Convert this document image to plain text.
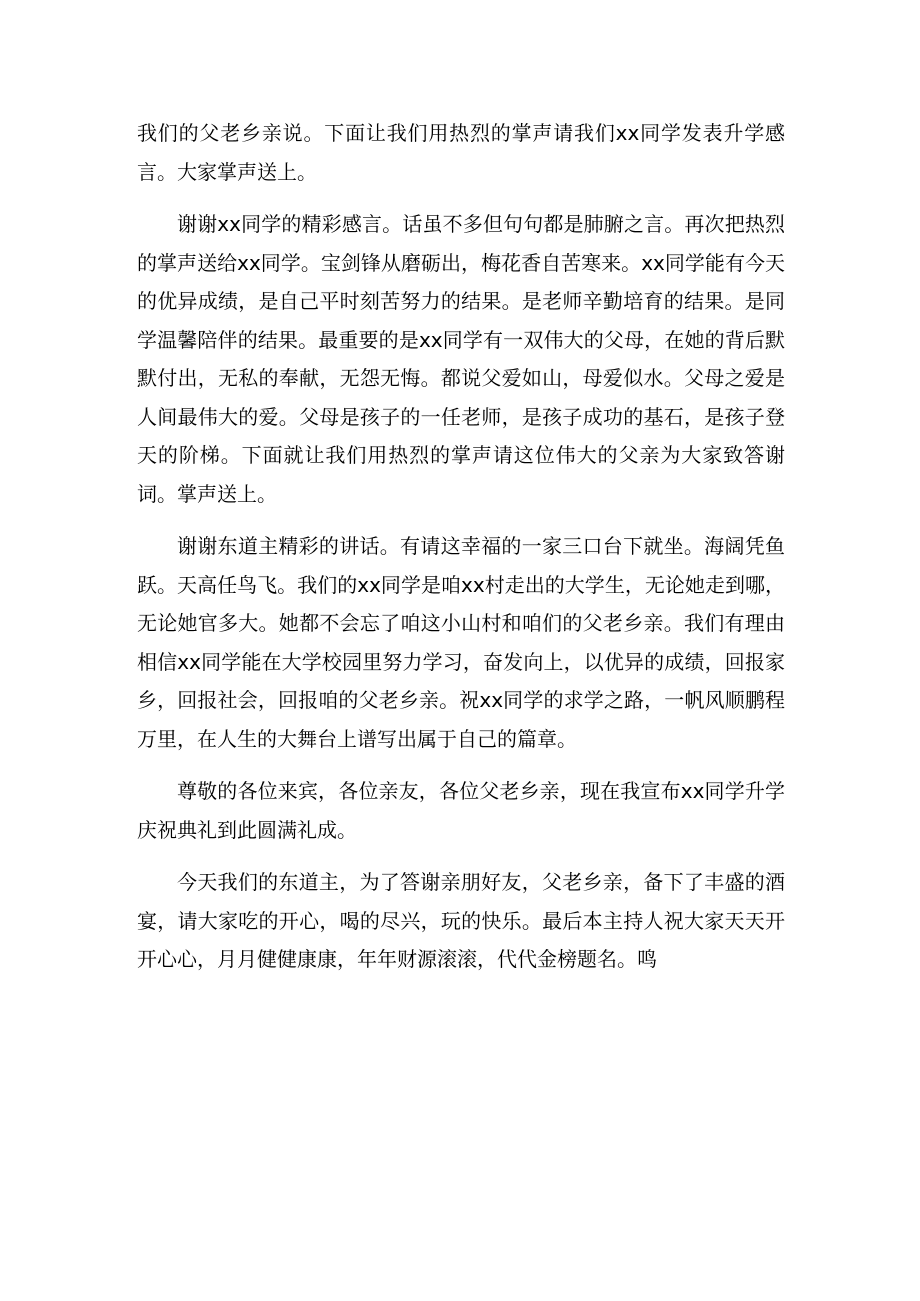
我们的父老乡亲说。下面让我们用热烈的掌声请我们xx同学发表升学感言。大家掌声送上。

谢谢xx同学的精彩感言。话虽不多但句句都是肺腑之言。再次把热烈的掌声送给xx同学。宝剑锋从磨砺出，梅花香自苦寒来。xx同学能有今天的优异成绩，是自己平时刻苦努力的结果。是老师辛勤培育的结果。是同学温馨陪伴的结果。最重要的是xx同学有一双伟大的父母，在她的背后默默付出，无私的奉献，无怨无悔。都说父爱如山，母爱似水。父母之爱是人间最伟大的爱。父母是孩子的一任老师，是孩子成功的基石，是孩子登天的阶梯。下面就让我们用热烈的掌声请这位伟大的父亲为大家致答谢词。掌声送上。

谢谢东道主精彩的讲话。有请这幸福的一家三口台下就坐。海阔凭鱼跃。天高任鸟飞。我们的xx同学是咱xx村走出的大学生，无论她走到哪，无论她官多大。她都不会忘了咱这小山村和咱们的父老乡亲。我们有理由相信xx同学能在大学校园里努力学习，奋发向上，以优异的成绩，回报家乡，回报社会，回报咱的父老乡亲。祝xx同学的求学之路，一帆风顺鹏程万里，在人生的大舞台上谱写出属于自己的篇章。

尊敬的各位来宾，各位亲友，各位父老乡亲，现在我宣布xx同学升学庆祝典礼到此圆满礼成。

今天我们的东道主，为了答谢亲朋好友，父老乡亲，备下了丰盛的酒宴，请大家吃的开心，喝的尽兴，玩的快乐。最后本主持人祝大家天天开开心心，月月健健康康，年年财源滚滚，代代金榜题名。鸣
